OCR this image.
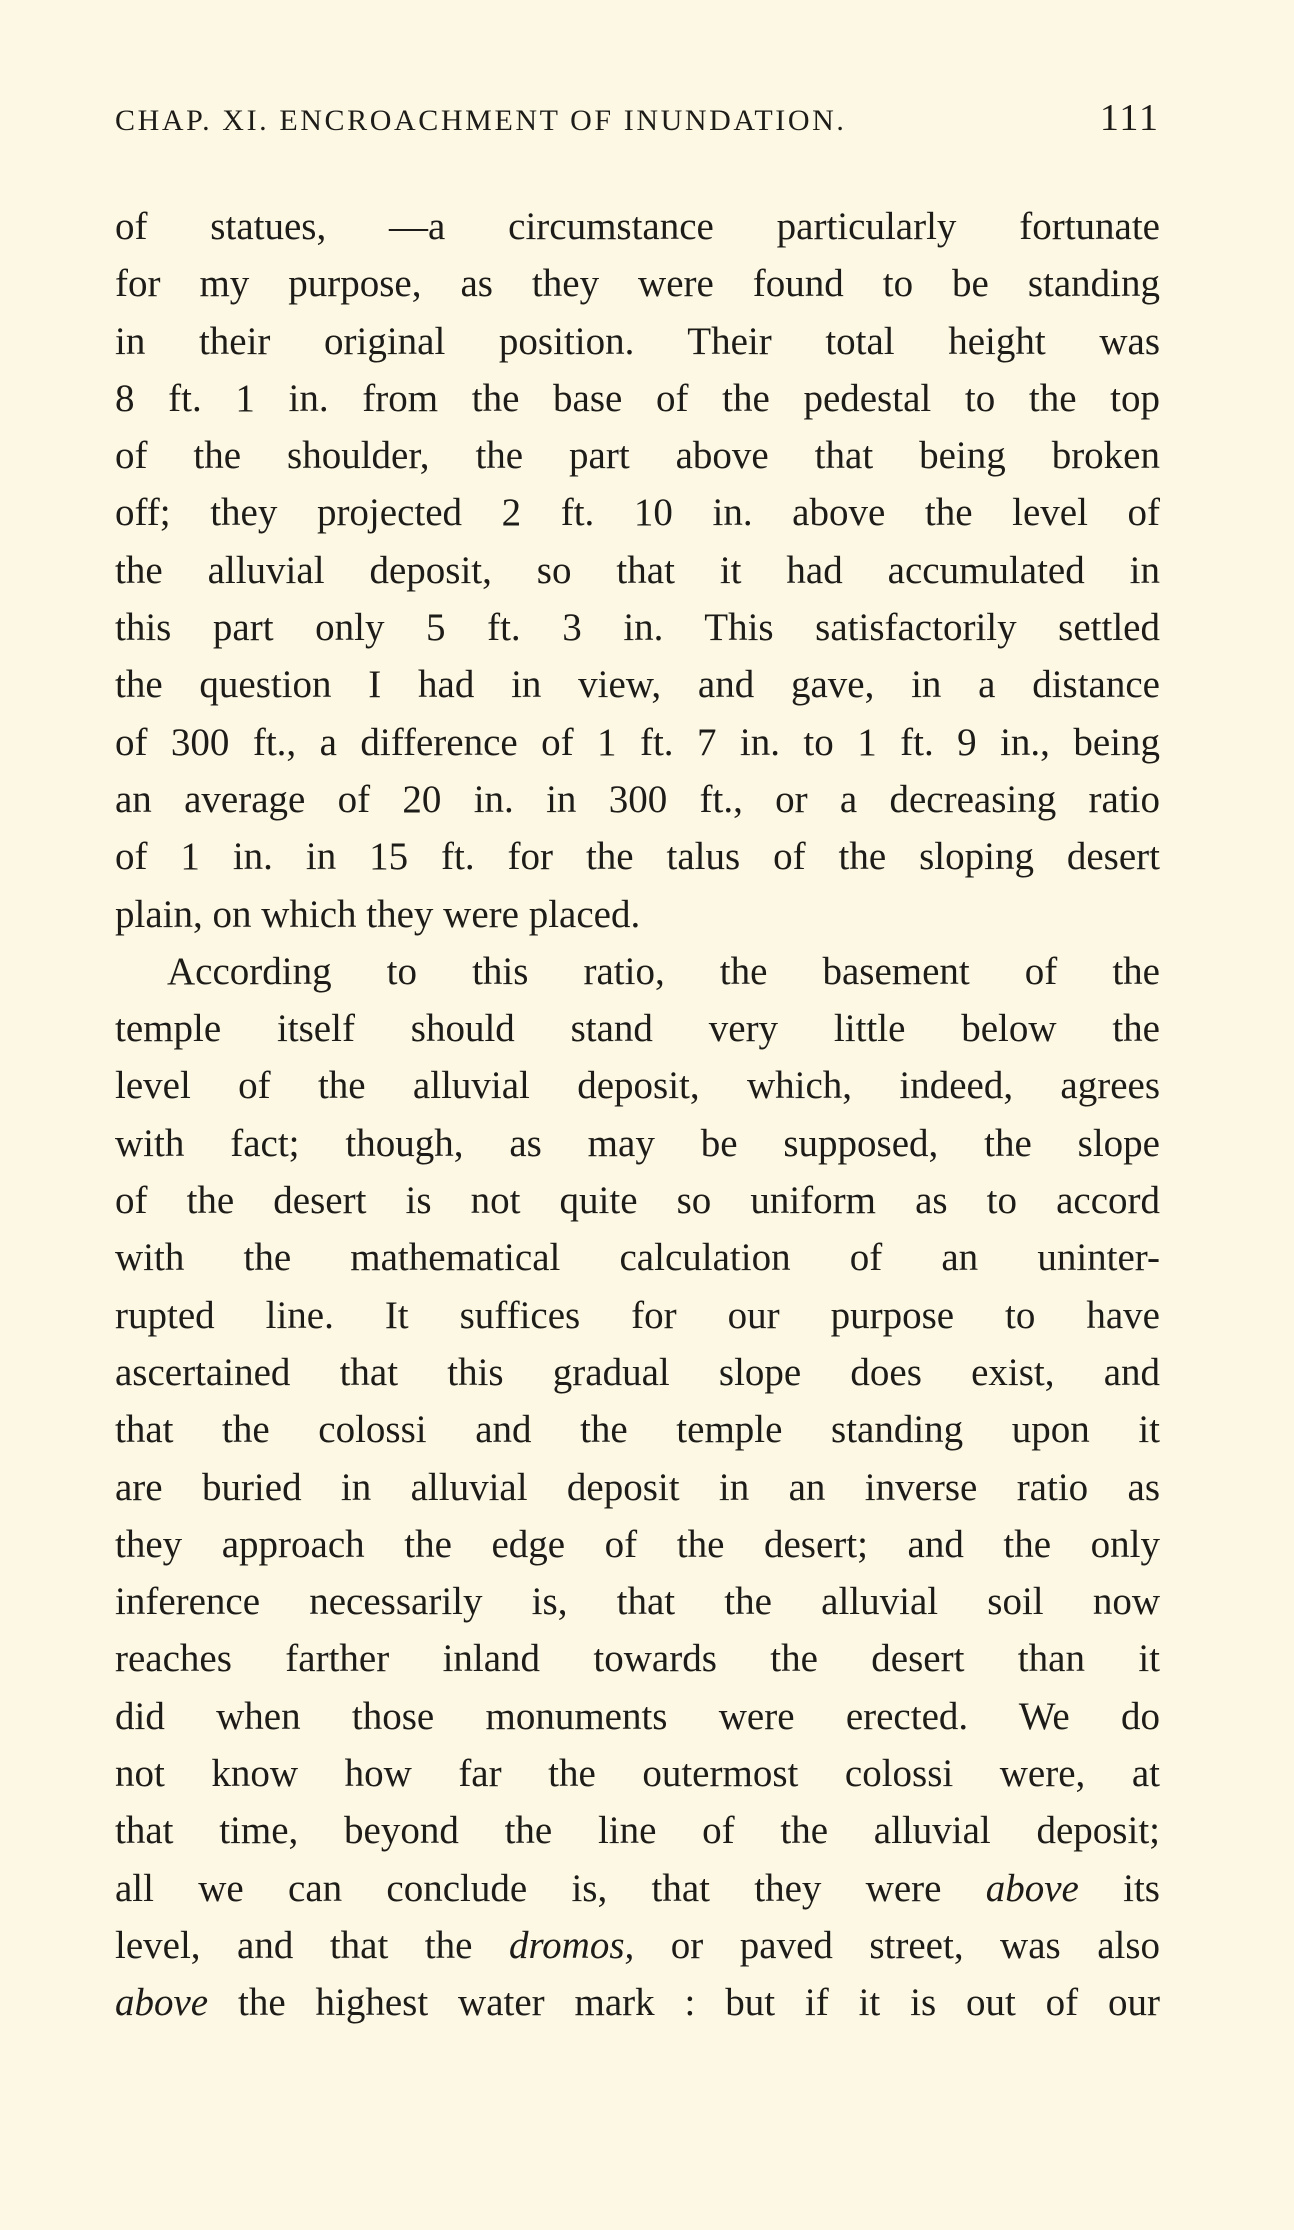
CHAP. XI. ENCROACHMENT OF INUNDATION.	111
of statues, —a circumstance particularly fortunate
for my purpose, as they were found to be standing
in their original position. Their total height was
8 ft. 1 in. from the base of the pedestal to the top
of the shoulder, the part above that being broken
off; they projected 2 ft. 10 in. above the level of
the alluvial deposit, so that it had accumulated in
this part only 5 ft. 3 in. This satisfactorily settled
the question I had in view, and gave, in a distance
of 300 ft., a difference of 1 ft. 7 in. to 1 ft. 9 in., being
an average of 20 in. in 300 ft., or a decreasing ratio
of 1 in. in 15 ft. for the talus of the sloping desert
plain, on which they were placed.
According to this ratio, the basement of the
temple itself should stand very little below the
level of the alluvial deposit, which, indeed, agrees
with fact; though, as may be supposed, the slope
of the desert is not quite so uniform as to accord
with the mathematical calculation of an uninter-
rupted line. It suffices for our purpose to have
ascertained that this gradual slope does exist, and
that the colossi and the temple standing upon it
are buried in alluvial deposit in an inverse ratio as
they approach the edge of the desert; and the only
inference necessarily is, that the alluvial soil now
reaches farther inland towards the desert than it
did when those monuments were erected. We do
not know how far the outermost colossi were, at
that time, beyond the line of the alluvial deposit;
all we can conclude is, that they were above its
level, and that the dromos, or paved street, was also
above the highest water mark : but if it is out of our
